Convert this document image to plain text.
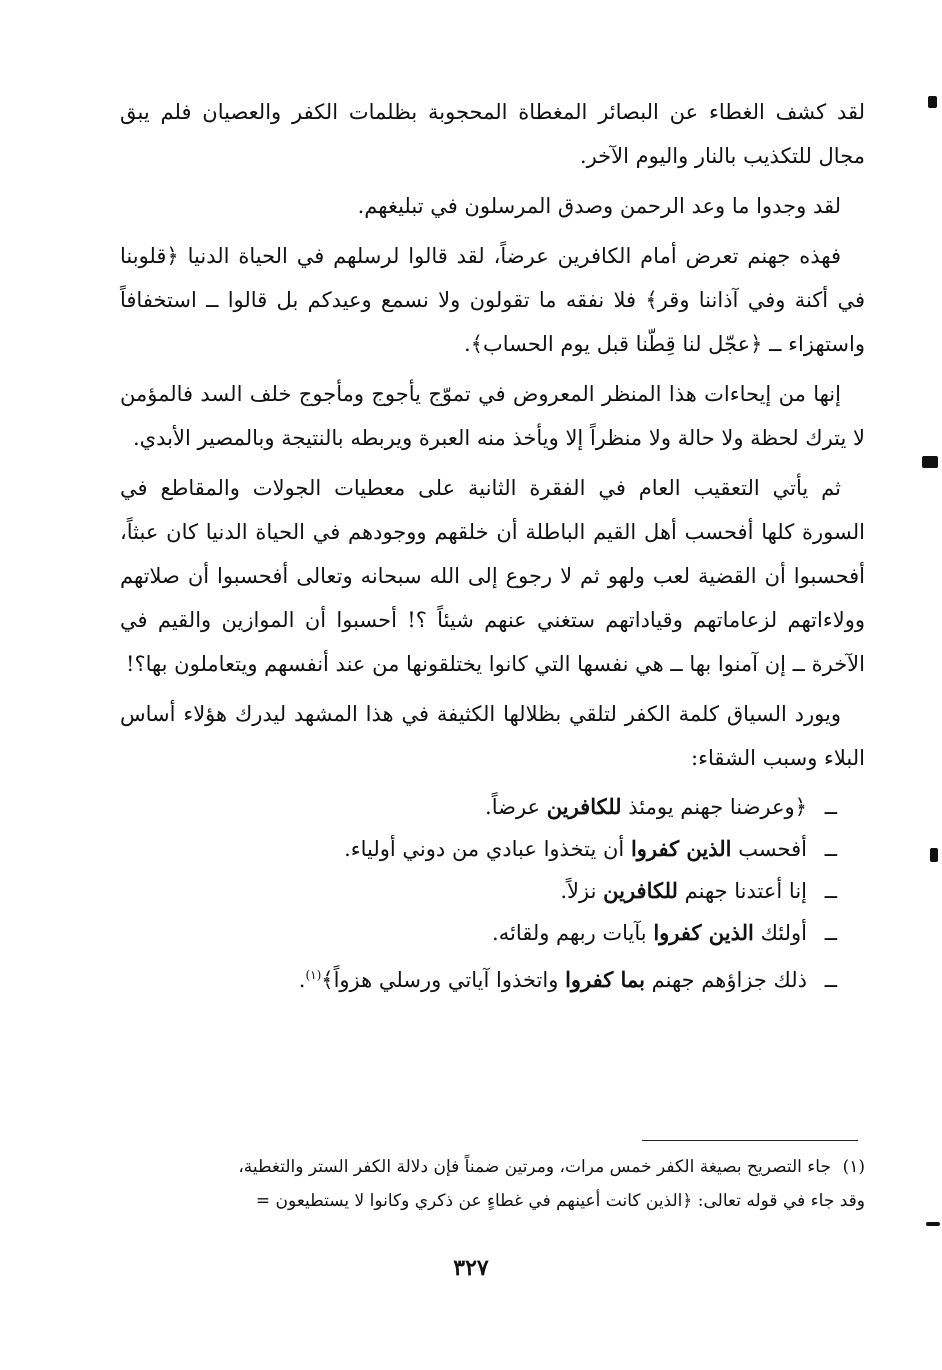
لقد كشف الغطاء عن البصائر المغطاة المحجوبة بظلمات الكفر والعصيان فلم يبق مجال للتكذيب بالنار واليوم الآخر.

لقد وجدوا ما وعد الرحمن وصدق المرسلون في تبليغهم.

فهذه جهنم تعرض أمام الكافرين عرضاً، لقد قالوا لرسلهم في الحياة الدنيا ﴿قلوبنا في أكنة وفي آذاننا وقر﴾ فلا نفقه ما تقولون ولا نسمع وعيدكم بل قالوا ــ استخفافاً واستهزاء ــ ﴿عجّل لنا قِطّنا قبل يوم الحساب﴾.

إنها من إيحاءات هذا المنظر المعروض في تموّج يأجوج ومأجوج خلف السد فالمؤمن لا يترك لحظة ولا حالة ولا منظراً إلا ويأخذ منه العبرة ويربطه بالنتيجة وبالمصير الأبدي.

ثم يأتي التعقيب العام في الفقرة الثانية على معطيات الجولات والمقاطع في السورة كلها أفحسب أهل القيم الباطلة أن خلقهم ووجودهم في الحياة الدنيا كان عبثاً، أفحسبوا أن القضية لعب ولهو ثم لا رجوع إلى الله سبحانه وتعالى أفحسبوا أن صلاتهم وولاءاتهم لزعاماتهم وقياداتهم ستغني عنهم شيئاً ؟! أحسبوا أن الموازين والقيم في الآخرة ــ إن آمنوا بها ــ هي نفسها التي كانوا يختلقونها من عند أنفسهم ويتعاملون بها؟!

ويورد السياق كلمة الكفر لتلقي بظلالها الكثيفة في هذا المشهد ليدرك هؤلاء أساس البلاء وسبب الشقاء:

ــ﴿وعرضنا جهنم يومئذ للكافرين عرضاً.
ــأفحسب الذين كفروا أن يتخذوا عبادي من دوني أولياء.
ــإنا أعتدنا جهنم للكافرين نزلاً.
ــأولئك الذين كفروا بآيات ربهم ولقائه.
ــذلك جزاؤهم جهنم بما كفروا واتخذوا آياتي ورسلي هزواً﴾$^{(١)}$.

(١)جاء التصريح بصيغة الكفر خمس مرات، ومرتين ضمناً فإن دلالة الكفر الستر والتغطية،

وقد جاء في قوله تعالى: ﴿الذين كانت أعينهم في غطاءٍ عن ذكري وكانوا لا يستطيعون =

٣٢٧
